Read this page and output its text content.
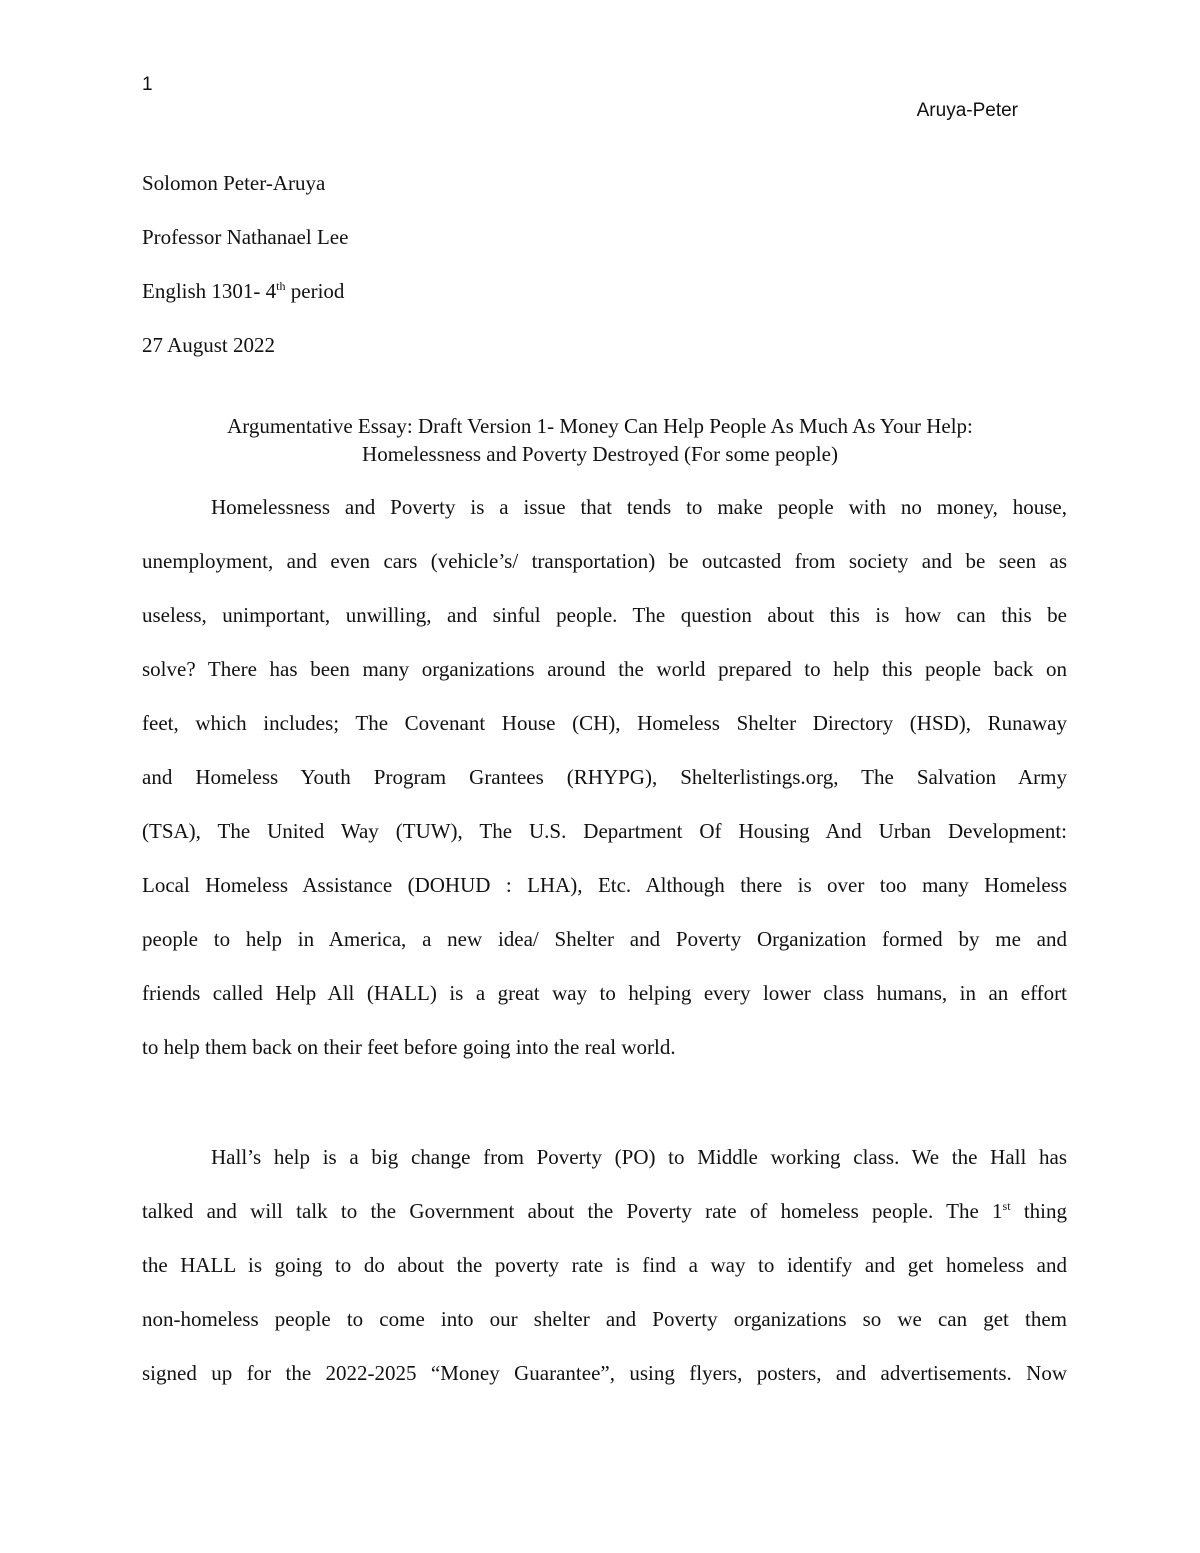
1
Aruya-Peter
Solomon Peter-Aruya
Professor Nathanael Lee
English 1301- 4th period
27 August 2022
Argumentative Essay: Draft Version 1- Money Can Help People As Much As Your Help:
Homelessness and Poverty Destroyed (For some people)
Homelessness and Poverty is a issue that tends to make people with no money, house,
unemployment, and even cars (vehicle’s/ transportation) be outcasted from society and be seen as
useless, unimportant, unwilling, and sinful people. The question about this is how can this be
solve? There has been many organizations around the world prepared to help this people back on
feet, which includes; The Covenant House (CH), Homeless Shelter Directory (HSD), Runaway
and Homeless Youth Program Grantees (RHYPG), Shelterlistings.org, The Salvation Army
(TSA), The United Way (TUW), The U.S. Department Of Housing And Urban Development:
Local Homeless Assistance (DOHUD : LHA), Etc. Although there is over too many Homeless
people to help in America, a new idea/ Shelter and Poverty Organization formed by me and
friends called Help All (HALL) is a great way to helping every lower class humans, in an effort
to help them back on their feet before going into the real world.
Hall’s help is a big change from Poverty (PO) to Middle working class. We the Hall has
talked and will talk to the Government about the Poverty rate of homeless people. The 1st thing
the HALL is going to do about the poverty rate is find a way to identify and get homeless and
non-homeless people to come into our shelter and Poverty organizations so we can get them
signed up for the 2022-2025 “Money Guarantee”, using flyers, posters, and advertisements. Now
